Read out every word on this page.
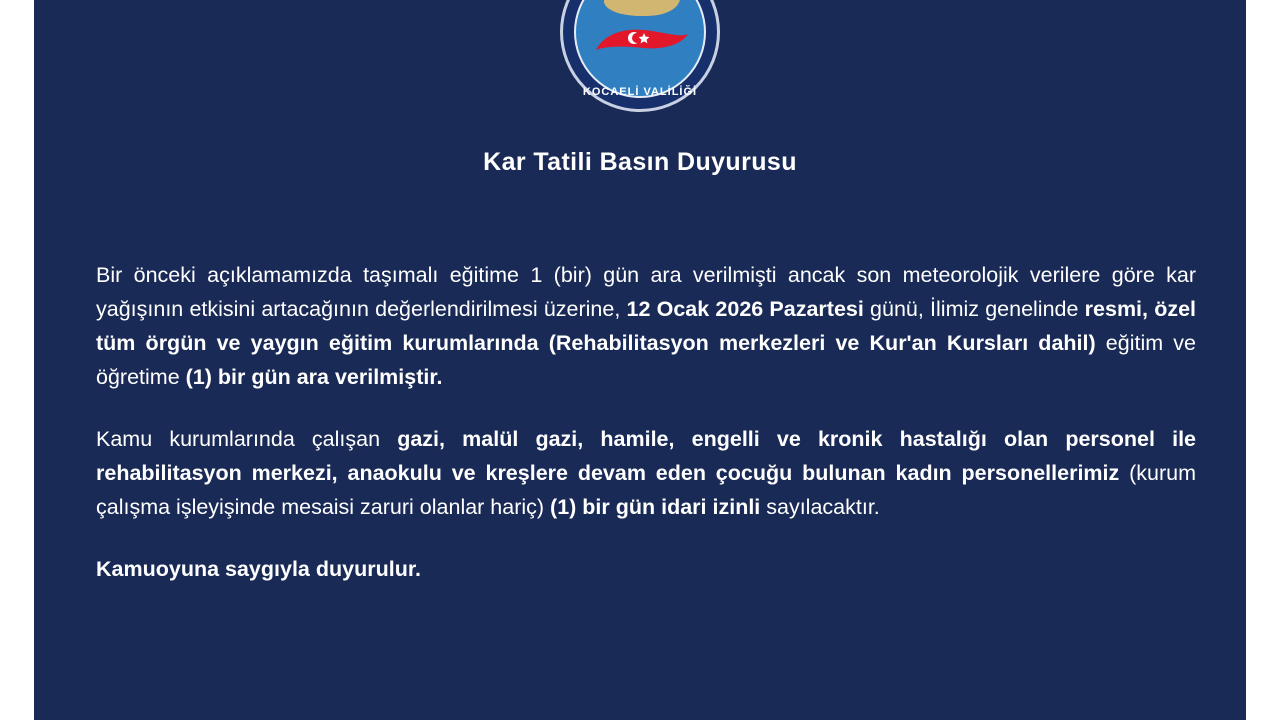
KOCAELİ VALİLİĞİ
Kar Tatili Basın Duyurusu

Bir önceki açıklamamızda taşımalı eğitime 1 (bir) gün ara verilmişti ancak son meteorolojik verilere göre kar yağışının etkisini artacağının değerlendirilmesi üzerine, 12 Ocak 2026 Pazartesi günü, İlimiz genelinde resmi, özel tüm örgün ve yaygın eğitim kurumlarında (Rehabilitasyon merkezleri ve Kur'an Kursları dahil) eğitim ve öğretime (1) bir gün ara verilmiştir.

Kamu kurumlarında çalışan gazi, malül gazi, hamile, engelli ve kronik hastalığı olan personel ile rehabilitasyon merkezi, anaokulu ve kreşlere devam eden çocuğu bulunan kadın personellerimiz (kurum çalışma işleyişinde mesaisi zaruri olanlar hariç) (1) bir gün idari izinli sayılacaktır.

Kamuoyuna saygıyla duyurulur.
